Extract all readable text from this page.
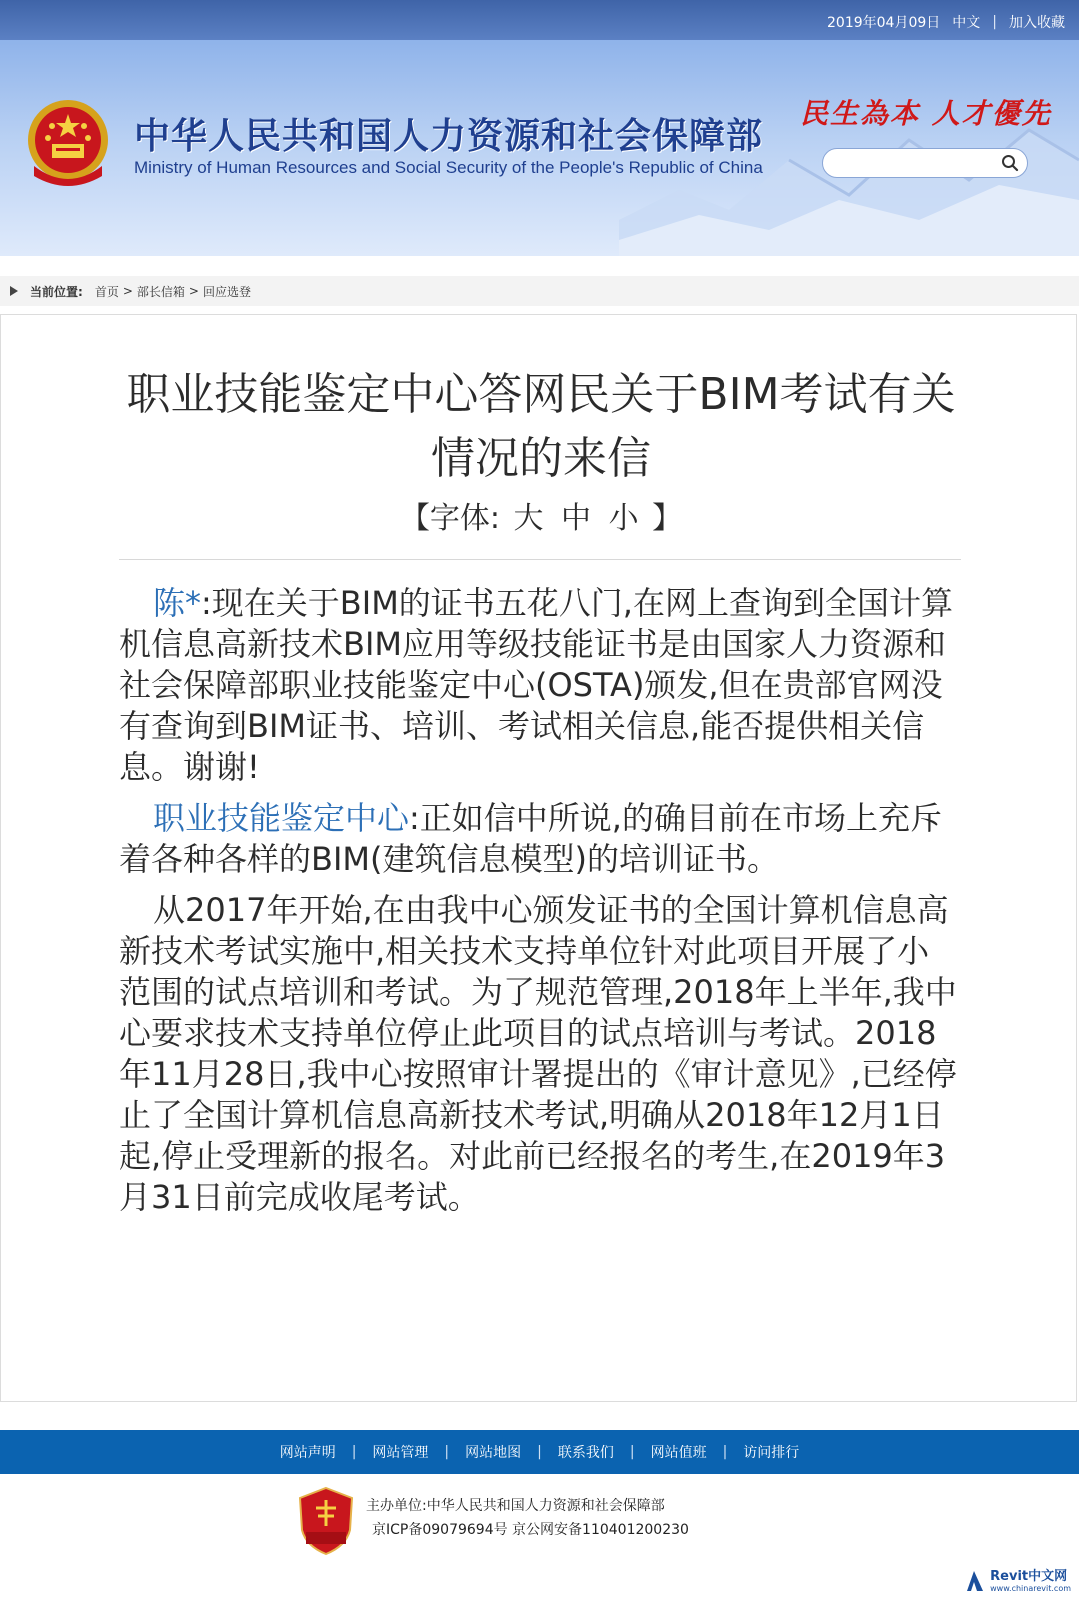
2019年04月09日 中文 | 加入收藏
中华人民共和国人力资源和社会保障部
Ministry of Human Resources and Social Security of the People's Republic of China
民生為本 人才優先
当前位置: 首页 > 部长信箱 > 回应选登
职业技能鉴定中心答网民关于BIM考试有关情况的来信
【字体: 大 中 小 】

陈*:现在关于BIM的证书五花八门,在网上查询到全国计算机信息高新技术BIM应用等级技能证书是由国家人力资源和社会保障部职业技能鉴定中心(OSTA)颁发,但在贵部官网没有查询到BIM证书、培训、考试相关信息,能否提供相关信息。谢谢!

职业技能鉴定中心:正如信中所说,的确目前在市场上充斥着各种各样的BIM(建筑信息模型)的培训证书。

从2017年开始,在由我中心颁发证书的全国计算机信息高新技术考试实施中,相关技术支持单位针对此项目开展了小范围的试点培训和考试。为了规范管理,2018年上半年,我中心要求技术支持单位停止此项目的试点培训与考试。2018年11月28日,我中心按照审计署提出的《审计意见》,已经停止了全国计算机信息高新技术考试,明确从2018年12月1日起,停止受理新的报名。对此前已经报名的考生,在2019年3月31日前完成收尾考试。

网站声明 | 网站管理 | 网站地图 | 联系我们 | 网站值班 | 访问排行
主办单位:中华人民共和国人力资源和社会保障部
京ICP备09079694号 京公网安备110401200230
Revit中文网
www.chinarevit.com
